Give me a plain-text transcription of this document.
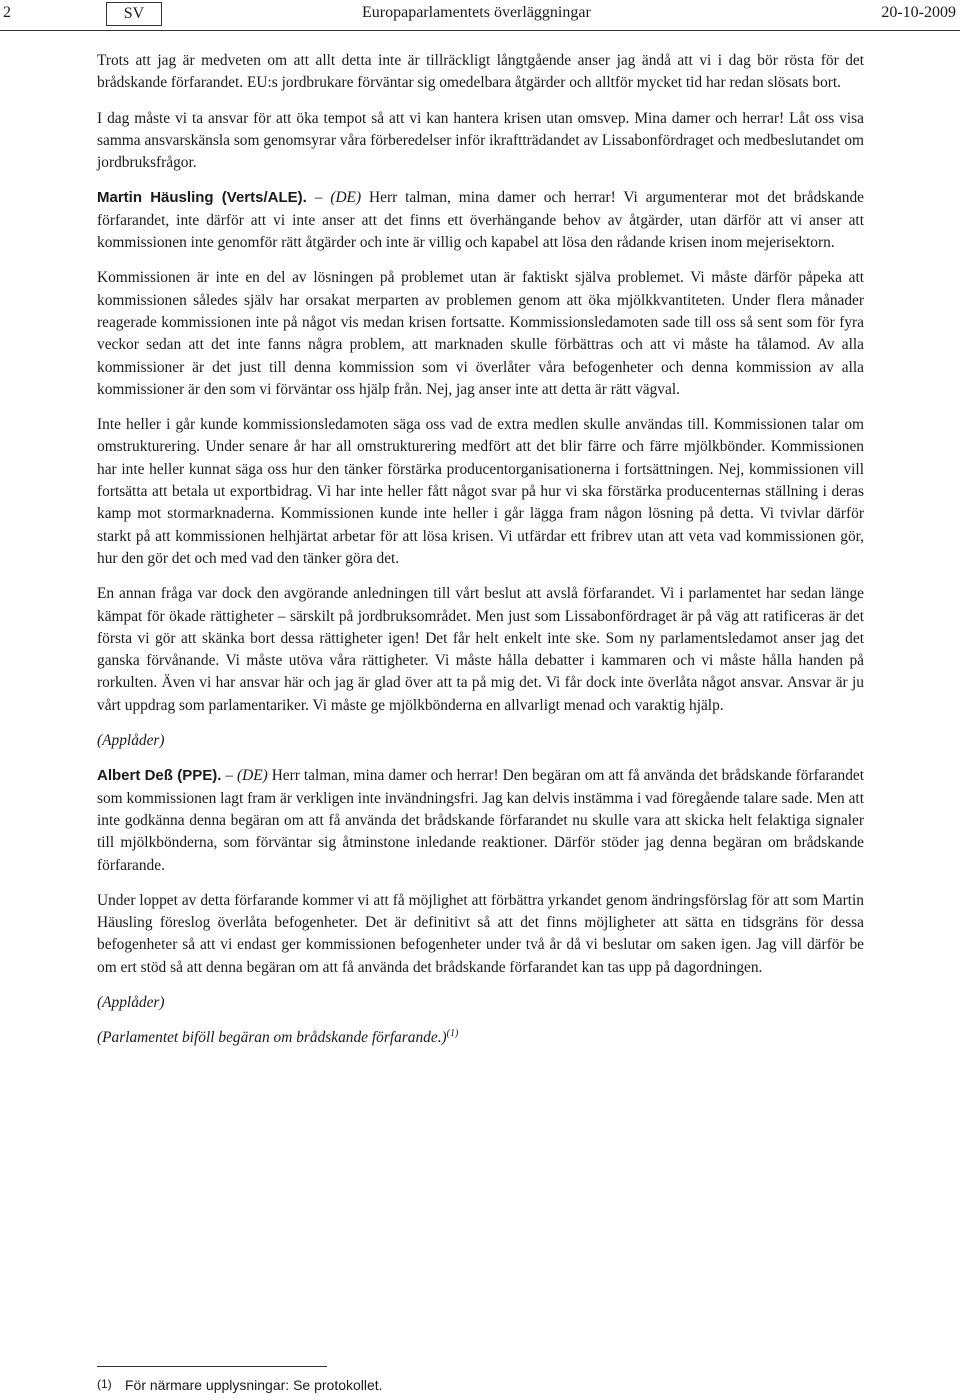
2	SV	Europaparlamentets överläggningar	20-10-2009

Trots att jag är medveten om att allt detta inte är tillräckligt långtgående anser jag ändå att vi i dag bör rösta för det brådskande förfarandet. EU:s jordbrukare förväntar sig omedelbara åtgärder och alltför mycket tid har redan slösats bort.

I dag måste vi ta ansvar för att öka tempot så att vi kan hantera krisen utan omsvep. Mina damer och herrar! Låt oss visa samma ansvarskänsla som genomsyrar våra förberedelser inför ikraftträdandet av Lissabonfördraget och medbeslutandet om jordbruksfrågor.

Martin Häusling (Verts/ALE). – (DE) Herr talman, mina damer och herrar! Vi argumenterar mot det brådskande förfarandet, inte därför att vi inte anser att det finns ett överhängande behov av åtgärder, utan därför att vi anser att kommissionen inte genomför rätt åtgärder och inte är villig och kapabel att lösa den rådande krisen inom mejerisektorn.

Kommissionen är inte en del av lösningen på problemet utan är faktiskt själva problemet. Vi måste därför påpeka att kommissionen således själv har orsakat merparten av problemen genom att öka mjölkkvantiteten. Under flera månader reagerade kommissionen inte på något vis medan krisen fortsatte. Kommissionsledamoten sade till oss så sent som för fyra veckor sedan att det inte fanns några problem, att marknaden skulle förbättras och att vi måste ha tålamod. Av alla kommissioner är det just till denna kommission som vi överlåter våra befogenheter och denna kommission av alla kommissioner är den som vi förväntar oss hjälp från. Nej, jag anser inte att detta är rätt vägval.

Inte heller i går kunde kommissionsledamoten säga oss vad de extra medlen skulle användas till. Kommissionen talar om omstrukturering. Under senare år har all omstrukturering medfört att det blir färre och färre mjölkbönder. Kommissionen har inte heller kunnat säga oss hur den tänker förstärka producentorganisationerna i fortsättningen. Nej, kommissionen vill fortsätta att betala ut exportbidrag. Vi har inte heller fått något svar på hur vi ska förstärka producenternas ställning i deras kamp mot stormarknaderna. Kommissionen kunde inte heller i går lägga fram någon lösning på detta. Vi tvivlar därför starkt på att kommissionen helhjärtat arbetar för att lösa krisen. Vi utfärdar ett fribrev utan att veta vad kommissionen gör, hur den gör det och med vad den tänker göra det.

En annan fråga var dock den avgörande anledningen till vårt beslut att avslå förfarandet. Vi i parlamentet har sedan länge kämpat för ökade rättigheter – särskilt på jordbruksområdet. Men just som Lissabonfördraget är på väg att ratificeras är det första vi gör att skänka bort dessa rättigheter igen! Det får helt enkelt inte ske. Som ny parlamentsledamot anser jag det ganska förvånande. Vi måste utöva våra rättigheter. Vi måste hålla debatter i kammaren och vi måste hålla handen på rorkulten. Även vi har ansvar här och jag är glad över att ta på mig det. Vi får dock inte överlåta något ansvar. Ansvar är ju vårt uppdrag som parlamentariker. Vi måste ge mjölkbönderna en allvarligt menad och varaktig hjälp.

(Applåder)

Albert Deß (PPE). – (DE) Herr talman, mina damer och herrar! Den begäran om att få använda det brådskande förfarandet som kommissionen lagt fram är verkligen inte invändningsfri. Jag kan delvis instämma i vad föregående talare sade. Men att inte godkänna denna begäran om att få använda det brådskande förfarandet nu skulle vara att skicka helt felaktiga signaler till mjölkbönderna, som förväntar sig åtminstone inledande reaktioner. Därför stöder jag denna begäran om brådskande förfarande.

Under loppet av detta förfarande kommer vi att få möjlighet att förbättra yrkandet genom ändringsförslag för att som Martin Häusling föreslog överlåta befogenheter. Det är definitivt så att det finns möjligheter att sätta en tidsgräns för dessa befogenheter så att vi endast ger kommissionen befogenheter under två år då vi beslutar om saken igen. Jag vill därför be om ert stöd så att denna begäran om att få använda det brådskande förfarandet kan tas upp på dagordningen.

(Applåder)

(Parlamentet biföll begäran om brådskande förfarande.)$^{(1)}$

(1) För närmare upplysningar: Se protokollet.
